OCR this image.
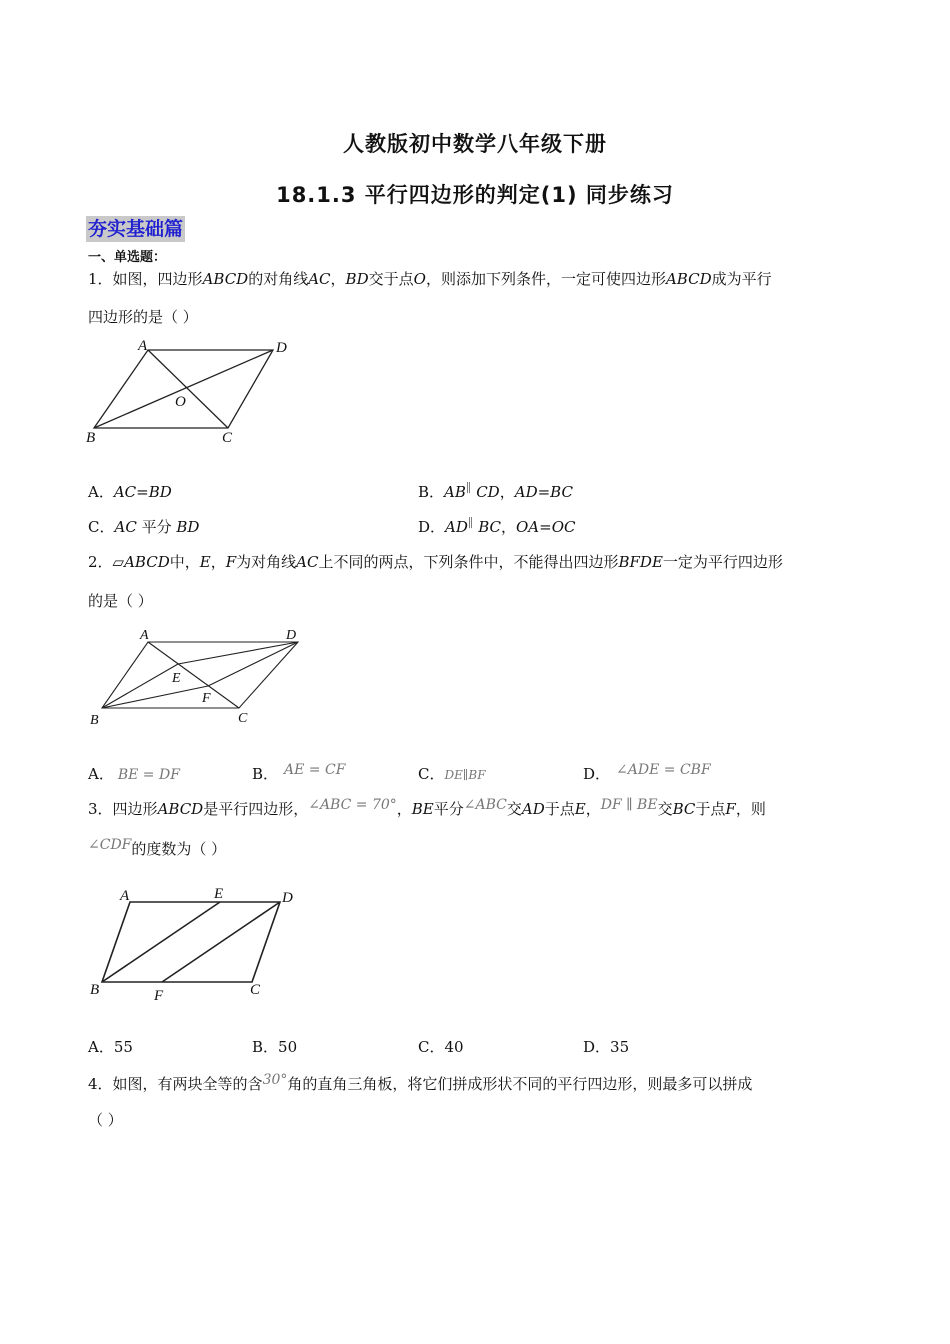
人教版初中数学八年级下册
18.1.3 平行四边形的判定(1) 同步练习
夯实基础篇
一、单选题：
1．如图，四边形ABCD的对角线AC，BD交于点O，则添加下列条件，一定可使四边形ABCD成为平行
四边形的是（ ）
A	D
O
B	C
A．AC=BD	B．AB∥ CD，AD=BC
C．AC 平分 BD	D．AD∥ BC，OA=OC
2．▱ABCD中，E，F为对角线AC上不同的两点，下列条件中，不能得出四边形BFDE一定为平行四边形
的是（ ）
A	D
E
F
B	C
A． BE = DF	B． AE = CF	C．DE∥BF	D． ∠ADE = CBF
3．四边形ABCD是平行四边形，∠ABC = 70°，BE平分∠ABC交AD于点E，DF ∥ BE交BC于点F，则
∠CDF的度数为（ ）
A	E	D
B	F	C
A．55	B．50	C．40	D．35
4．如图，有两块全等的含30°角的直角三角板，将它们拼成形状不同的平行四边形，则最多可以拼成
（ ）
